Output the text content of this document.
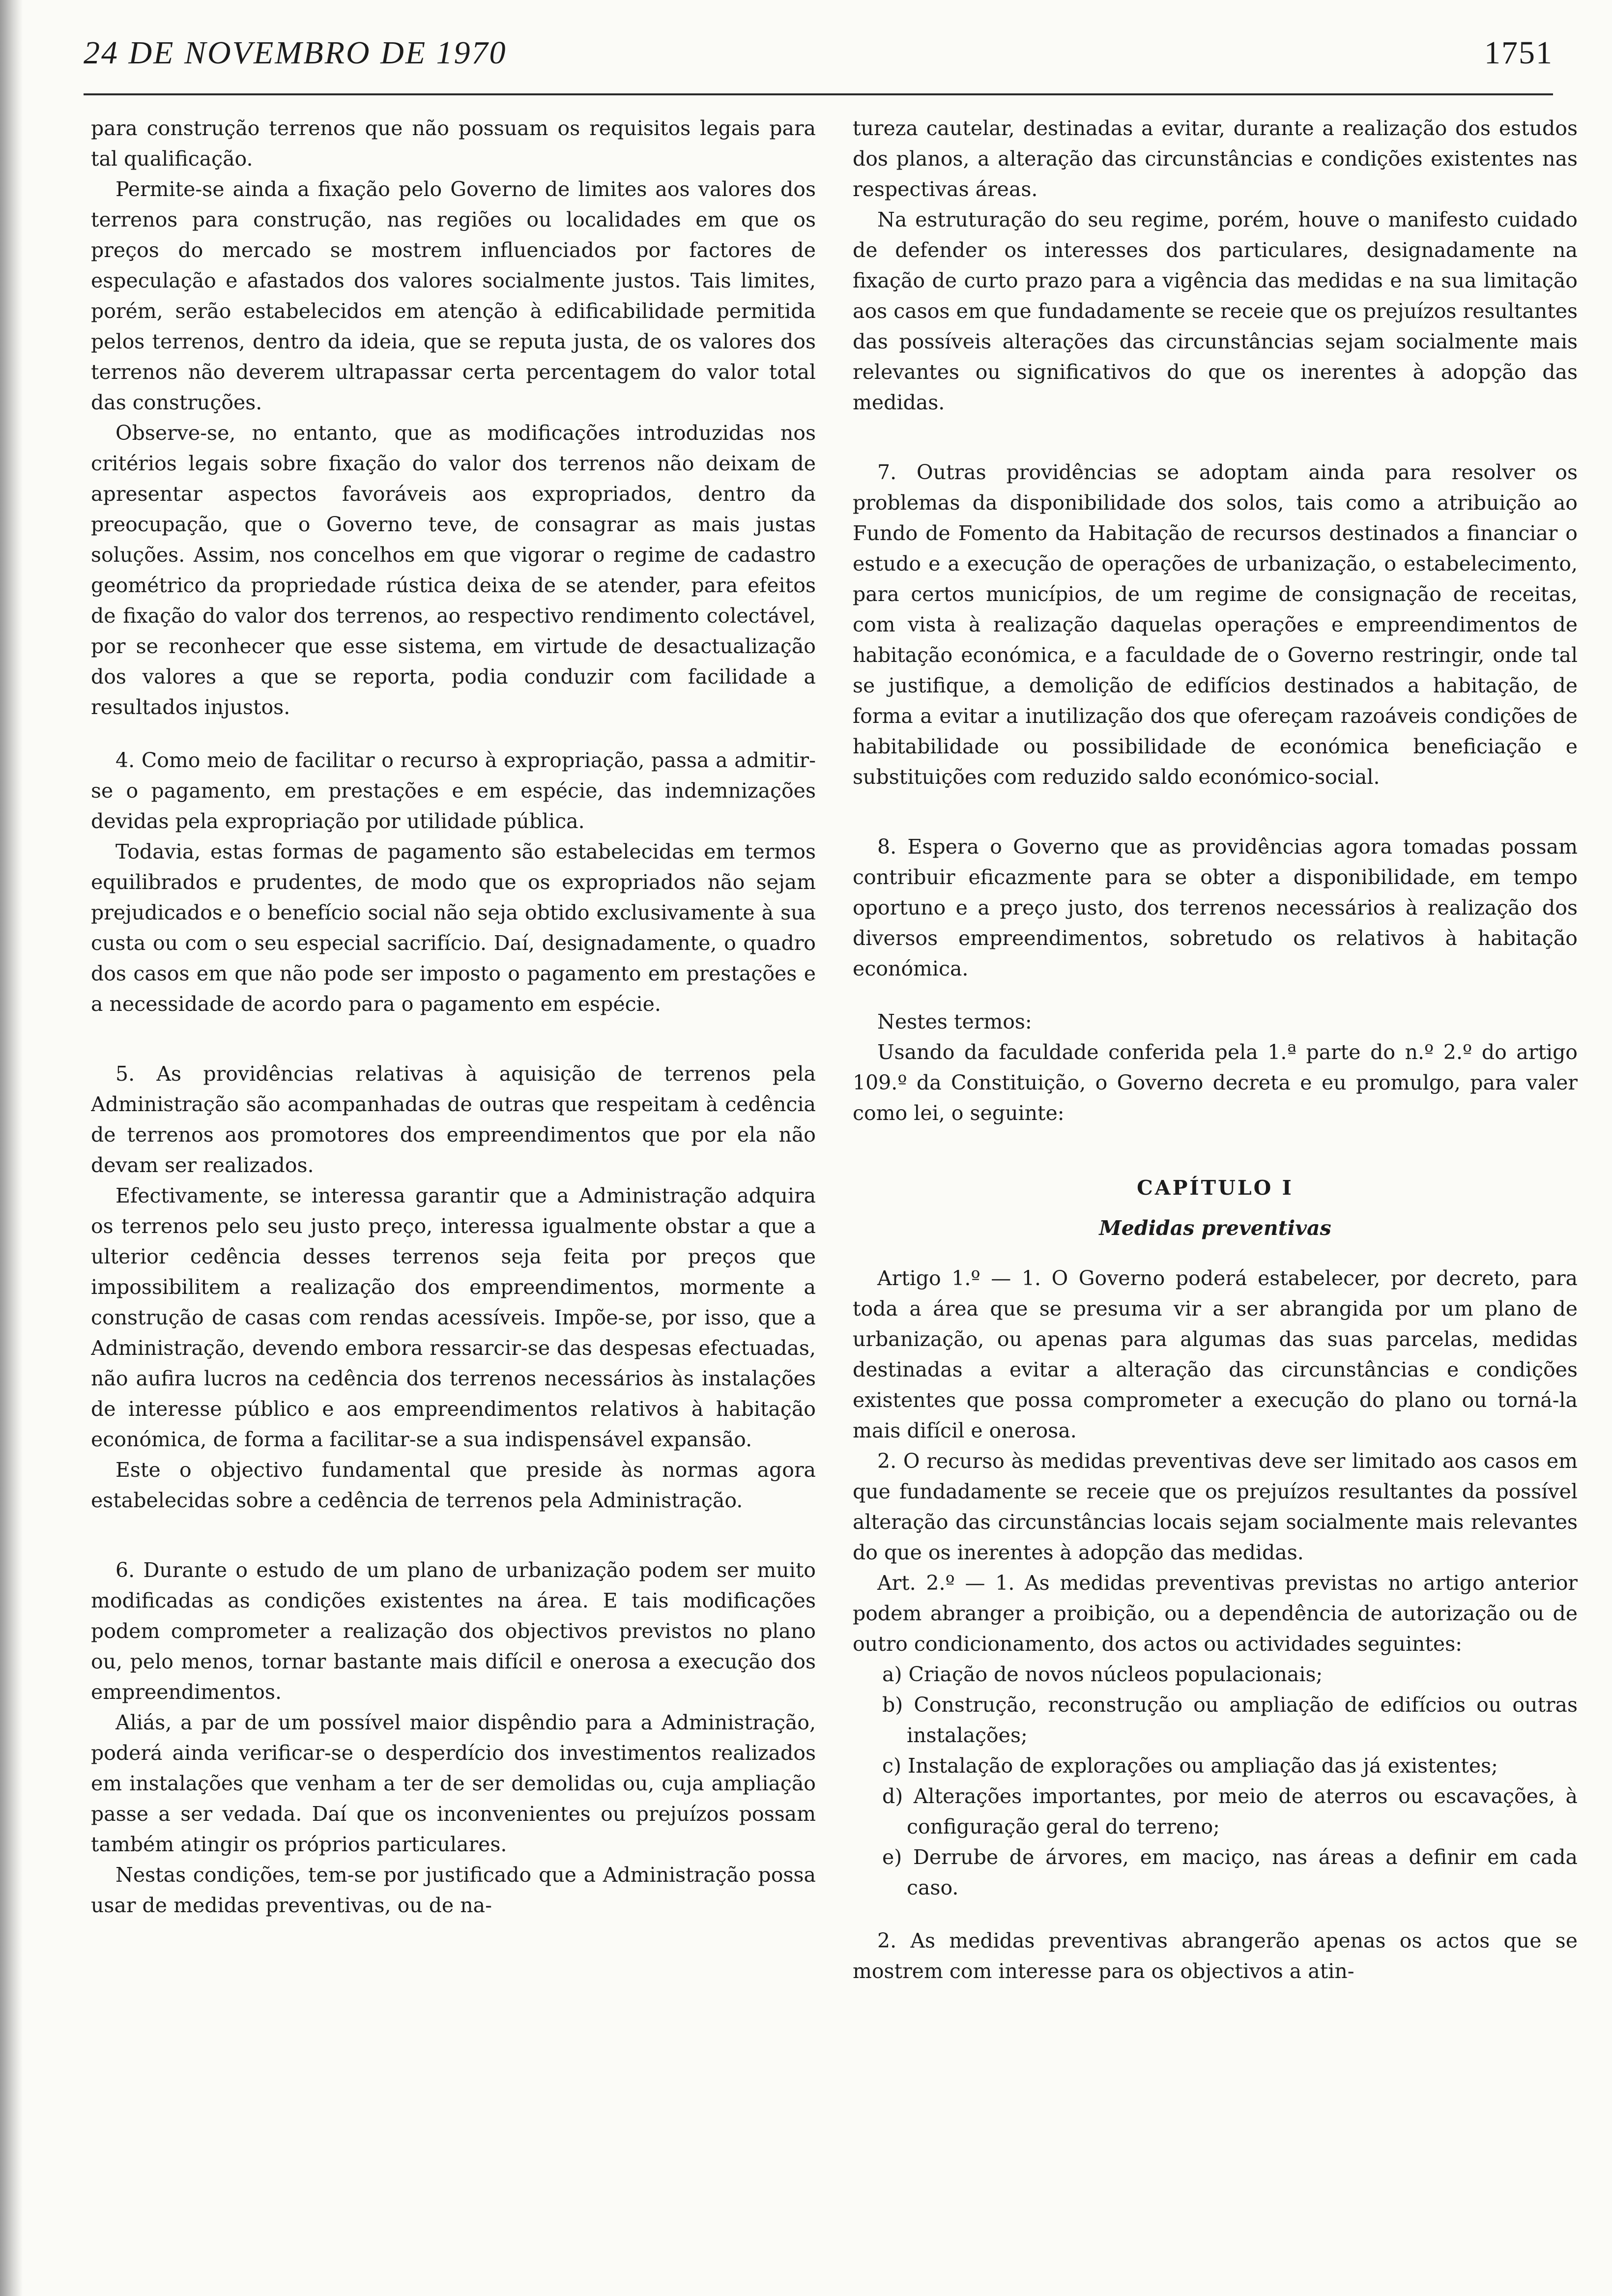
24 DE NOVEMBRO DE 1970	1751

para construção terrenos que não possuam os requisitos legais para tal qualificação.

Permite-se ainda a fixação pelo Governo de limites aos valores dos terrenos para construção, nas regiões ou localidades em que os preços do mercado se mostrem influenciados por factores de especulação e afastados dos valores socialmente justos. Tais limites, porém, serão estabelecidos em atenção à edificabilidade permitida pelos terrenos, dentro da ideia, que se reputa justa, de os valores dos terrenos não deverem ultrapassar certa percentagem do valor total das construções.

Observe-se, no entanto, que as modificações introduzidas nos critérios legais sobre fixação do valor dos terrenos não deixam de apresentar aspectos favoráveis aos expropriados, dentro da preocupação, que o Governo teve, de consagrar as mais justas soluções. Assim, nos concelhos em que vigorar o regime de cadastro geométrico da propriedade rústica deixa de se atender, para efeitos de fixação do valor dos terrenos, ao respectivo rendimento colectável, por se reconhecer que esse sistema, em virtude de desactualização dos valores a que se reporta, podia conduzir com facilidade a resultados injustos.

4. Como meio de facilitar o recurso à expropriação, passa a admitir-se o pagamento, em prestações e em espécie, das indemnizações devidas pela expropriação por utilidade pública.

Todavia, estas formas de pagamento são estabelecidas em termos equilibrados e prudentes, de modo que os expropriados não sejam prejudicados e o benefício social não seja obtido exclusivamente à sua custa ou com o seu especial sacrifício. Daí, designadamente, o quadro dos casos em que não pode ser imposto o pagamento em prestações e a necessidade de acordo para o pagamento em espécie.

5. As providências relativas à aquisição de terrenos pela Administração são acompanhadas de outras que respeitam à cedência de terrenos aos promotores dos empreendimentos que por ela não devam ser realizados.

Efectivamente, se interessa garantir que a Administração adquira os terrenos pelo seu justo preço, interessa igualmente obstar a que a ulterior cedência desses terrenos seja feita por preços que impossibilitem a realização dos empreendimentos, mormente a construção de casas com rendas acessíveis. Impõe-se, por isso, que a Administração, devendo embora ressarcir-se das despesas efectuadas, não aufira lucros na cedência dos terrenos necessários às instalações de interesse público e aos empreendimentos relativos à habitação económica, de forma a facilitar-se a sua indispensável expansão.

Este o objectivo fundamental que preside às normas agora estabelecidas sobre a cedência de terrenos pela Administração.

6. Durante o estudo de um plano de urbanização podem ser muito modificadas as condições existentes na área. E tais modificações podem comprometer a realização dos objectivos previstos no plano ou, pelo menos, tornar bastante mais difícil e onerosa a execução dos empreendimentos.

Aliás, a par de um possível maior dispêndio para a Administração, poderá ainda verificar-se o desperdício dos investimentos realizados em instalações que venham a ter de ser demolidas ou, cuja ampliação passe a ser vedada. Daí que os inconvenientes ou prejuízos possam também atingir os próprios particulares.

Nestas condições, tem-se por justificado que a Administração possa usar de medidas preventivas, ou de na-

tureza cautelar, destinadas a evitar, durante a realização dos estudos dos planos, a alteração das circunstâncias e condições existentes nas respectivas áreas.

Na estruturação do seu regime, porém, houve o manifesto cuidado de defender os interesses dos particulares, designadamente na fixação de curto prazo para a vigência das medidas e na sua limitação aos casos em que fundadamente se receie que os prejuízos resultantes das possíveis alterações das circunstâncias sejam socialmente mais relevantes ou significativos do que os inerentes à adopção das medidas.

7. Outras providências se adoptam ainda para resolver os problemas da disponibilidade dos solos, tais como a atribuição ao Fundo de Fomento da Habitação de recursos destinados a financiar o estudo e a execução de operações de urbanização, o estabelecimento, para certos municípios, de um regime de consignação de receitas, com vista à realização daquelas operações e empreendimentos de habitação económica, e a faculdade de o Governo restringir, onde tal se justifique, a demolição de edifícios destinados a habitação, de forma a evitar a inutilização dos que ofereçam razoáveis condições de habitabilidade ou possibilidade de económica beneficiação e substituições com reduzido saldo económico-social.

8. Espera o Governo que as providências agora tomadas possam contribuir eficazmente para se obter a disponibilidade, em tempo oportuno e a preço justo, dos terrenos necessários à realização dos diversos empreendimentos, sobretudo os relativos à habitação económica.

Nestes termos:

Usando da faculdade conferida pela 1.ª parte do n.º 2.º do artigo 109.º da Constituição, o Governo decreta e eu promulgo, para valer como lei, o seguinte:

CAPÍTULO I

Medidas preventivas

Artigo 1.º — 1. O Governo poderá estabelecer, por decreto, para toda a área que se presuma vir a ser abrangida por um plano de urbanização, ou apenas para algumas das suas parcelas, medidas destinadas a evitar a alteração das circunstâncias e condições existentes que possa comprometer a execução do plano ou torná-la mais difícil e onerosa.

2. O recurso às medidas preventivas deve ser limitado aos casos em que fundadamente se receie que os prejuízos resultantes da possível alteração das circunstâncias locais sejam socialmente mais relevantes do que os inerentes à adopção das medidas.

Art. 2.º — 1. As medidas preventivas previstas no artigo anterior podem abranger a proibição, ou a dependência de autorização ou de outro condicionamento, dos actos ou actividades seguintes:

a) Criação de novos núcleos populacionais;

b) Construção, reconstrução ou ampliação de edifícios ou outras instalações;

c) Instalação de explorações ou ampliação das já existentes;

d) Alterações importantes, por meio de aterros ou escavações, à configuração geral do terreno;

e) Derrube de árvores, em maciço, nas áreas a definir em cada caso.

2. As medidas preventivas abrangerão apenas os actos que se mostrem com interesse para os objectivos a atin-
